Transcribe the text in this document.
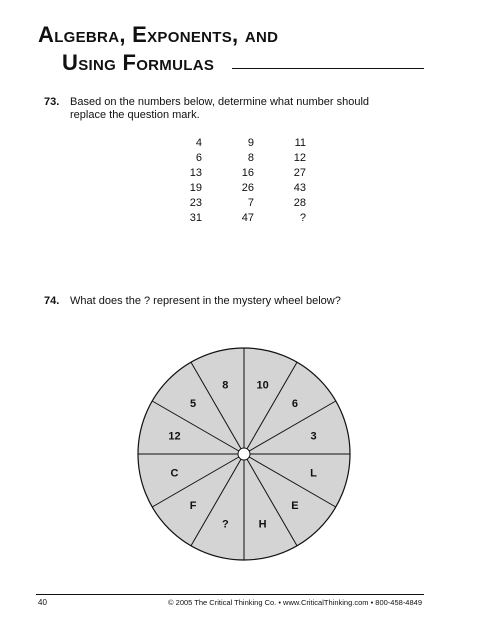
Algebra, Exponents, and
Using Formulas
73. Based on the numbers below, determine what number should
replace the question mark.
4	9	11
6	8	12
13	16	27
19	26	43
23	7	28
31	47	?
74. What does the ? represent in the mystery wheel below?
10
6
3
L
E
H
?
F
C
12
5
8
40	© 2005 The Critical Thinking Co. • www.CriticalThinking.com • 800-458-4849
